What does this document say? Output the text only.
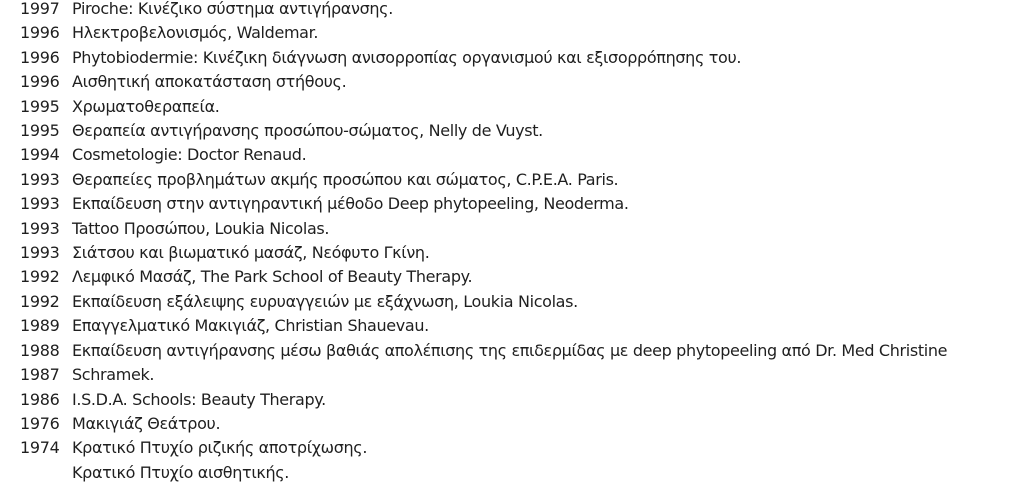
1997 Piroche: Κινέζικο σύστημα αντιγήρανσης.
1996 Ηλεκτροβελονισμός, Waldemar.
1996 Phytobiodermie: Κινέζικη διάγνωση ανισορροπίας οργανισμού και εξισορρόπησης του.
1996 Αισθητική αποκατάσταση στήθους.
1995 Χρωματοθεραπεία.
1995 Θεραπεία αντιγήρανσης προσώπου-σώματος, Nelly de Vuyst.
1994 Cosmetologie: Doctor Renaud.
1993 Θεραπείες προβλημάτων ακμής προσώπου και σώματος, C.P.E.A. Paris.
1993 Εκπαίδευση στην αντιγηραντική μέθοδο Deep phytopeeling, Neoderma.
1993 Tattoo Προσώπου, Loukia Nicolas.
1993 Σιάτσου και βιωματικό μασάζ, Νεόφυτο Γκίνη.
1992 Λεμφικό Μασάζ, The Park School of Beauty Therapy.
1992 Εκπαίδευση εξάλειψης ευρυαγγειών με εξάχνωση, Loukia Nicolas.
1989 Επαγγελματικό Μακιγιάζ, Christian Shauevau.
1988 Εκπαίδευση αντιγήρανσης μέσω βαθιάς απολέπισης της επιδερμίδας με deep phytopeeling από Dr. Med Christine
1987 Schramek.
1986 I.S.D.A. Schools: Beauty Therapy.
1976 Μακιγιάζ Θεάτρου.
1974 Κρατικό Πτυχίο ριζικής αποτρίχωσης.
Κρατικό Πτυχίο αισθητικής.
